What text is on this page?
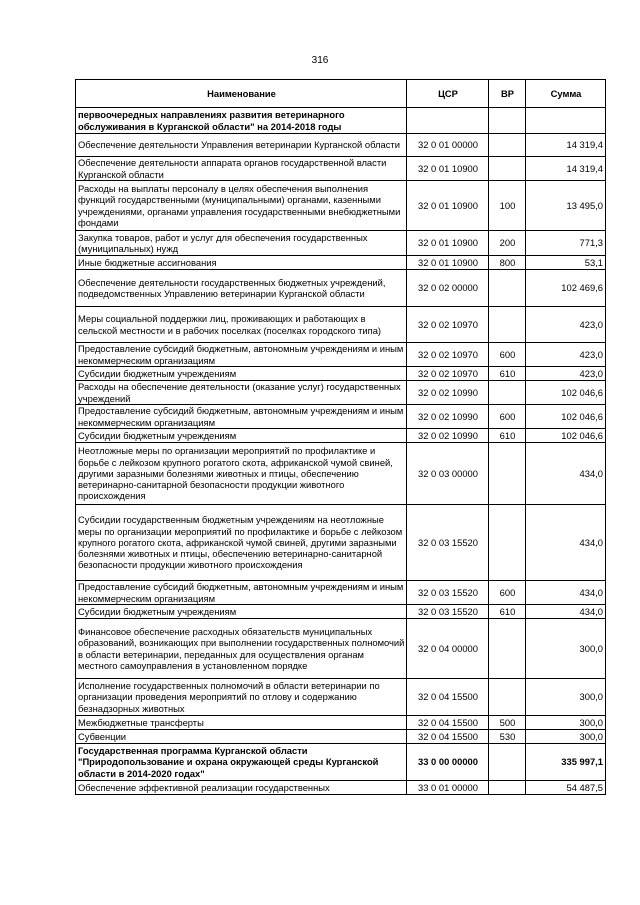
316
Наименование	ЦСР	ВР	Сумма
первоочередных направлениях развития ветеринарного обслуживания в Курганской области" на 2014-2018 годы			
Обеспечение деятельности Управления ветеринарии Курганской области	32 0 01 00000		14 319,4
Обеспечение деятельности аппарата органов государственной власти Курганской области	32 0 01 10900		14 319,4
Расходы на выплаты персоналу в целях обеспечения выполнения функций государственными (муниципальными) органами, казенными учреждениями, органами управления государственными внебюджетными фондами	32 0 01 10900	100	13 495,0
Закупка товаров, работ и услуг для обеспечения государственных (муниципальных) нужд	32 0 01 10900	200	771,3
Иные бюджетные ассигнования	32 0 01 10900	800	53,1
Обеспечение деятельности государственных бюджетных учреждений, подведомственных Управлению ветеринарии Курганской области	32 0 02 00000		102 469,6
Меры социальной поддержки лиц, проживающих и работающих в сельской местности и в рабочих поселках (поселках городского типа)	32 0 02 10970		423,0
Предоставление субсидий бюджетным, автономным учреждениям и иным некоммерческим организациям	32 0 02 10970	600	423,0
Субсидии бюджетным учреждениям	32 0 02 10970	610	423,0
Расходы на обеспечение деятельности (оказание услуг) государственных учреждений	32 0 02 10990		102 046,6
Предоставление субсидий бюджетным, автономным учреждениям и иным некоммерческим организациям	32 0 02 10990	600	102 046,6
Субсидии бюджетным учреждениям	32 0 02 10990	610	102 046,6
Неотложные меры по организации мероприятий по профилактике и борьбе с лейкозом крупного рогатого скота, африканской чумой свиней, другими заразными болезнями животных и птицы, обеспечению ветеринарно-санитарной безопасности продукции животного происхождения	32 0 03 00000		434,0
Субсидии государственным бюджетным учреждениям на неотложные меры по организации мероприятий по профилактике и борьбе с лейкозом крупного рогатого скота, африканской чумой свиней, другими заразными болезнями животных и птицы, обеспечению ветеринарно-санитарной безопасности продукции животного происхождения	32 0 03 15520		434,0
Предоставление субсидий бюджетным, автономным учреждениям и иным некоммерческим организациям	32 0 03 15520	600	434,0
Субсидии бюджетным учреждениям	32 0 03 15520	610	434,0
Финансовое обеспечение расходных обязательств муниципальных образований, возникающих при выполнении государственных полномочий в области ветеринарии, переданных для осуществления органам местного самоуправления в установленном порядке	32 0 04 00000		300,0
Исполнение государственных полномочий в области ветеринарии по организации проведения мероприятий по отлову и содержанию безнадзорных животных	32 0 04 15500		300,0
Межбюджетные трансферты	32 0 04 15500	500	300,0
Субвенции	32 0 04 15500	530	300,0
Государственная программа Курганской области "Природопользование и охрана окружающей среды Курганской области в 2014-2020 годах"	33 0 00 00000		335 997,1
Обеспечение эффективной реализации государственных	33 0 01 00000		54 487,5
